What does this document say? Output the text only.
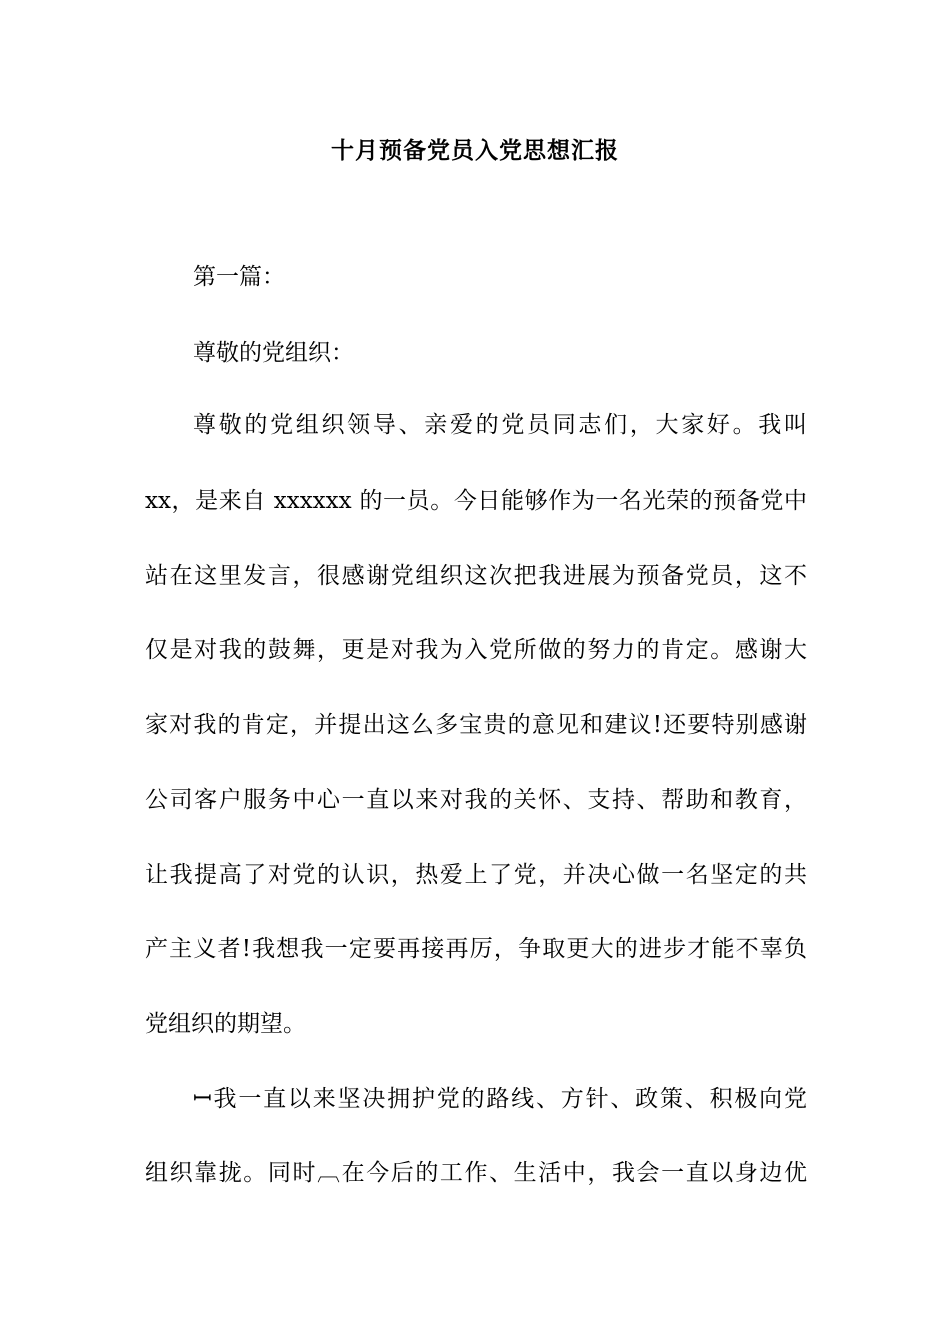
十月预备党员入党思想汇报
第一篇：
尊敬的党组织：
尊敬的党组织领导、亲爱的党员同志们，大家好。我叫
xx，是来自 xxxxxx 的一员。今日能够作为一名光荣的预备党中
站在这里发言，很感谢党组织这次把我进展为预备党员，这不
仅是对我的鼓舞，更是对我为入党所做的努力的肯定。感谢大
家对我的肯定，并提出这么多宝贵的意见和建议!还要特别感谢
公司客户服务中心一直以来对我的关怀、支持、帮助和教育，
让我提高了对党的认识，热爱上了党，并决心做一名坚定的共
产主义者!我想我一定要再接再厉，争取更大的进步才能不辜负
党组织的期望。
ꟷ我一直以来坚决拥护党的路线、方针、政策、积极向党
组织靠拢。同时︹在今后的工作、生活中，我会一直以身边优
